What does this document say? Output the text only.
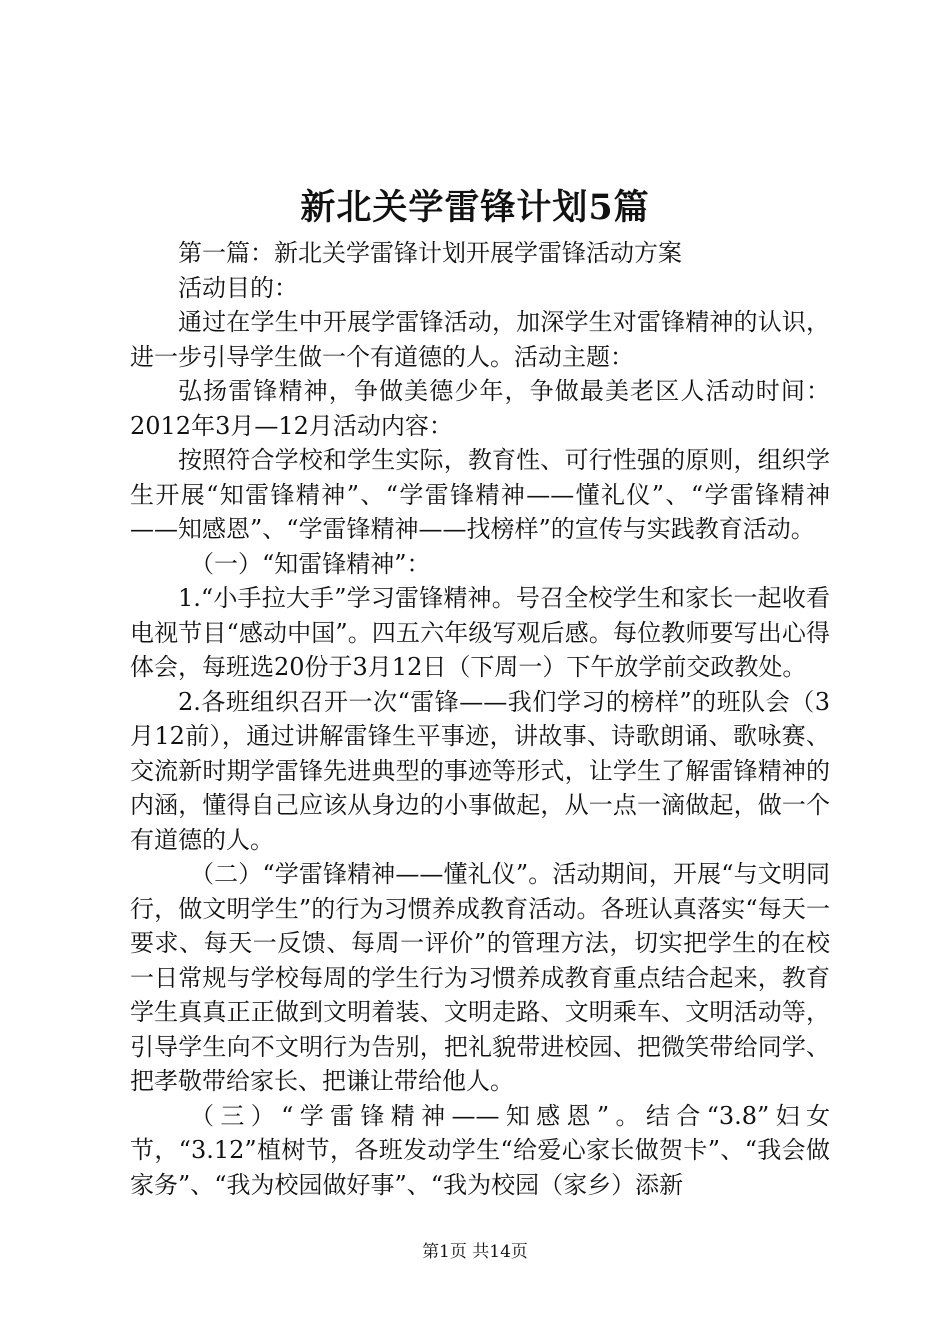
新北关学雷锋计划5篇

第一篇：新北关学雷锋计划开展学雷锋活动方案

活动目的：

通过在学生中开展学雷锋活动，加深学生对雷锋精神的认识，进一步引导学生做一个有道德的人。活动主题：

弘扬雷锋精神，争做美德少年，争做最美老区人活动时间：2012年3月—12月活动内容：

按照符合学校和学生实际，教育性、可行性强的原则，组织学生开展“知雷锋精神”、“学雷锋精神——懂礼仪”、“学雷锋精神——知感恩”、“学雷锋精神——找榜样”的宣传与实践教育活动。

（一）“知雷锋精神”：

1.“小手拉大手”学习雷锋精神。号召全校学生和家长一起收看电视节目“感动中国”。四五六年级写观后感。每位教师要写出心得体会，每班选20份于3月12日（下周一）下午放学前交政教处。

2.各班组织召开一次“雷锋——我们学习的榜样”的班队会（3月12前），通过讲解雷锋生平事迹，讲故事、诗歌朗诵、歌咏赛、交流新时期学雷锋先进典型的事迹等形式，让学生了解雷锋精神的内涵，懂得自己应该从身边的小事做起，从一点一滴做起，做一个有道德的人。

（二）“学雷锋精神——懂礼仪”。活动期间，开展“与文明同行，做文明学生”的行为习惯养成教育活动。各班认真落实“每天一要求、每天一反馈、每周一评价”的管理方法，切实把学生的在校一日常规与学校每周的学生行为习惯养成教育重点结合起来，教育学生真真正正做到文明着装、文明走路、文明乘车、文明活动等，引导学生向不文明行为告别，把礼貌带进校园、把微笑带给同学、把孝敬带给家长、把谦让带给他人。

（三）“学雷锋精神——知感恩”。结合“3.8”妇女节，“3.12”植树节，各班发动学生“给爱心家长做贺卡”、“我会做家务”、“我为校园做好事”、“我为校园（家乡）添新

第1页 共14页
